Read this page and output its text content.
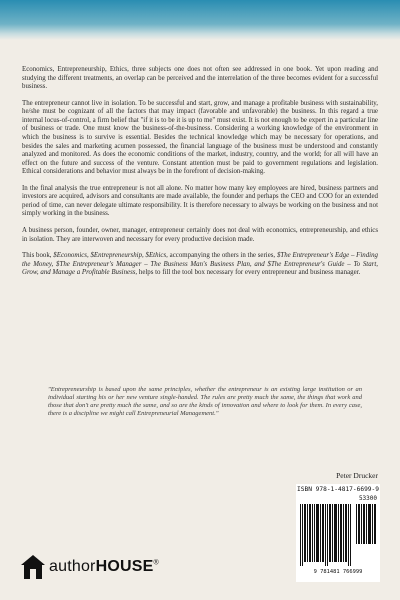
Economics, Entrepreneurship, Ethics, three subjects one does not often see addressed in one book. Yet upon reading and studying the different treatments, an overlap can be perceived and the interrelation of the three becomes evident for a successful business.

The entrepreneur cannot live in isolation. To be successful and start, grow, and manage a profitable business with sustainability, he/she must be cognizant of all the factors that may impact (favorable and unfavorable) the business. In this regard a true internal locus-of-control, a firm belief that "if it is to be it is up to me" must exist. It is not enough to be expert in a particular line of business or trade. One must know the business-of-the-business. Considering a working knowledge of the environment in which the business is to survive is essential. Besides the technical knowledge which may be necessary for operations, and besides the sales and marketing acumen possessed, the financial language of the business must be understood and constantly analyzed and monitored. As does the economic conditions of the market, industry, country, and the world; for all will have an effect on the future and success of the venture. Constant attention must be paid to government regulations and legislation. Ethical considerations and behavior must always be in the forefront of decision-making.

In the final analysis the true entrepreneur is not all alone. No matter how many key employees are hired, business partners and investors are acquired, advisors and consultants are made available, the founder and perhaps the CEO and COO for an extended period of time, can never delegate ultimate responsibility. It is therefore necessary to always be working on the business and not simply working in the business.

A business person, founder, owner, manager, entrepreneur certainly does not deal with economics, entrepreneurship, and ethics in isolation. They are interwoven and necessary for every productive decision made.

This book, $Economics, $Entrepreneurship, $Ethics, accompanying the others in the series, $The Entrepreneur's Edge – Finding the Money, $The Entrepreneur's Manager – The Business Man's Business Plan, and $The Entrepreneur's Guide – To Start, Grow, and Manage a Profitable Business, helps to fill the tool box necessary for every entrepreneur and business manager.

"Entrepreneurship is based upon the same principles, whether the entrepreneur is an existing large institution or an individual starting his or her new venture single-handed. The rules are pretty much the same, the things that work and those that don't are pretty much the same, and so are the kinds of innovation and where to look for them. In every case, there is a discipline we might call Entrepreneurial Management."
Peter Drucker
ISBN 978-1-4817-6699-9
53300
9 781481 766999
authorHOUSE®
